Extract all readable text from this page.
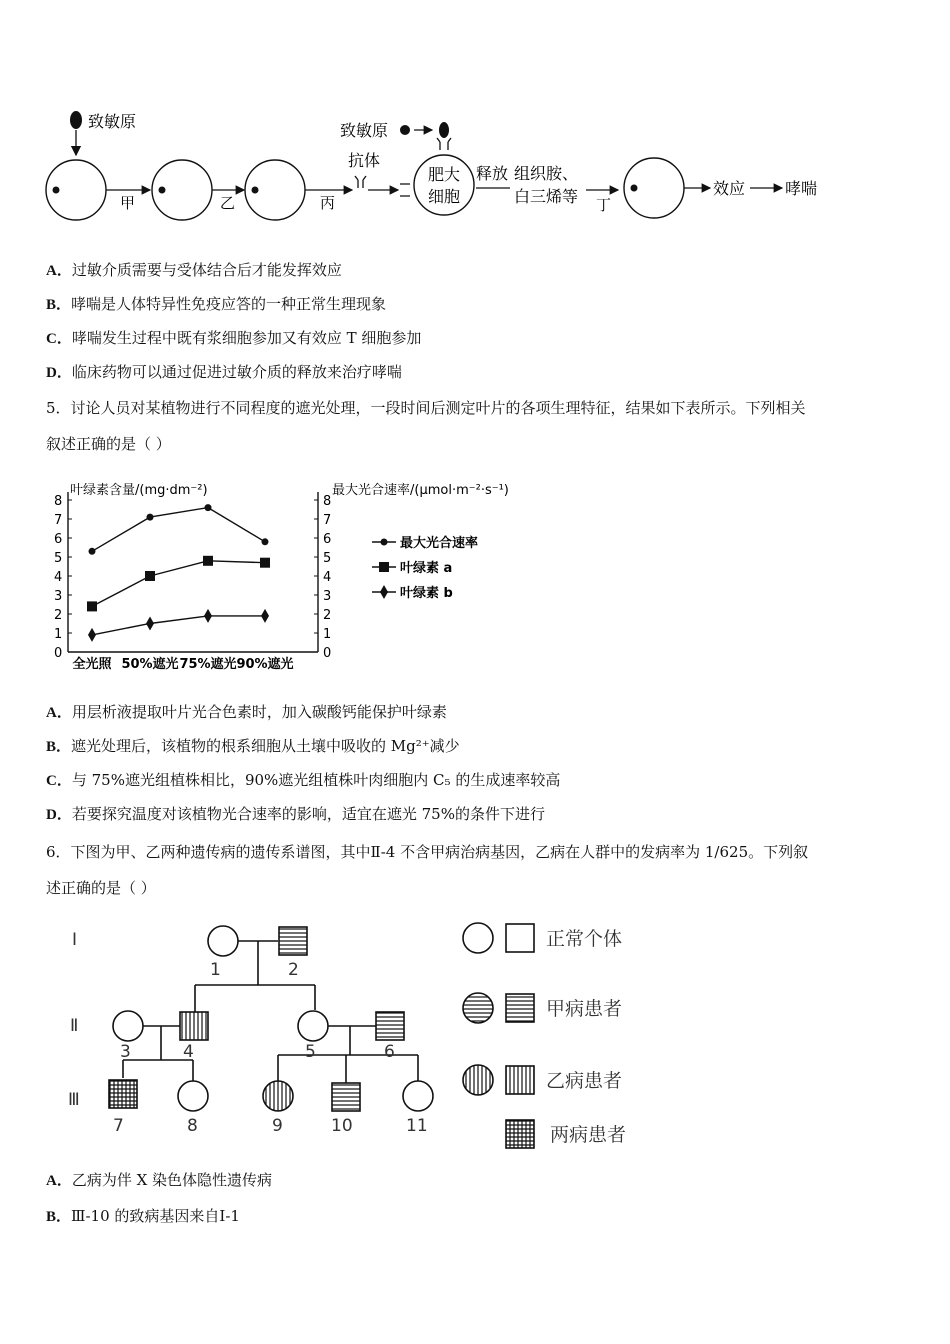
致敏原
甲	乙	丙
抗体
致敏原
肥大
细胞
释放 组织胺、
白三烯等 丁
效应 哮喘
A．过敏介质需要与受体结合后才能发挥效应
B．哮喘是人体特异性免疫应答的一种正常生理现象
C．哮喘发生过程中既有浆细胞参加又有效应 T 细胞参加
D．临床药物可以通过促进过敏介质的释放来治疗哮喘
5．讨论人员对某植物进行不同程度的遮光处理，一段时间后测定叶片的各项生理特征，结果如下表所示。下列相关
叙述正确的是（ ）
叶绿素含量/(mg·dm⁻²)	最大光合速率/(μmol·m⁻²·s⁻¹)
0	0
1	1
2	2
3	3
4	4
5	5
6	6
7	7
8	8
全光照 50%遮光 75%遮光 90%遮光
最大光合速率
叶绿素 a
叶绿素 b
A．用层析液提取叶片光合色素时，加入碳酸钙能保护叶绿素
B．遮光处理后，该植物的根系细胞从土壤中吸收的 Mg²⁺减少
C．与 75%遮光组植株相比，90%遮光组植株叶肉细胞内 C₅ 的生成速率较高
D．若要探究温度对该植物光合速率的影响，适宜在遮光 75%的条件下进行
6．下图为甲、乙两种遗传病的遗传系谱图，其中Ⅱ-4 不含甲病治病基因，乙病在人群中的发病率为 1/625。下列叙
述正确的是（ ）
Ⅰ
Ⅱ
Ⅲ
1	2
3	4	5	6
7	8	9	10	11
正常个体
甲病患者
乙病患者
两病患者
A．乙病为伴 X 染色体隐性遗传病
B．Ⅲ-10 的致病基因来自Ⅰ-1
